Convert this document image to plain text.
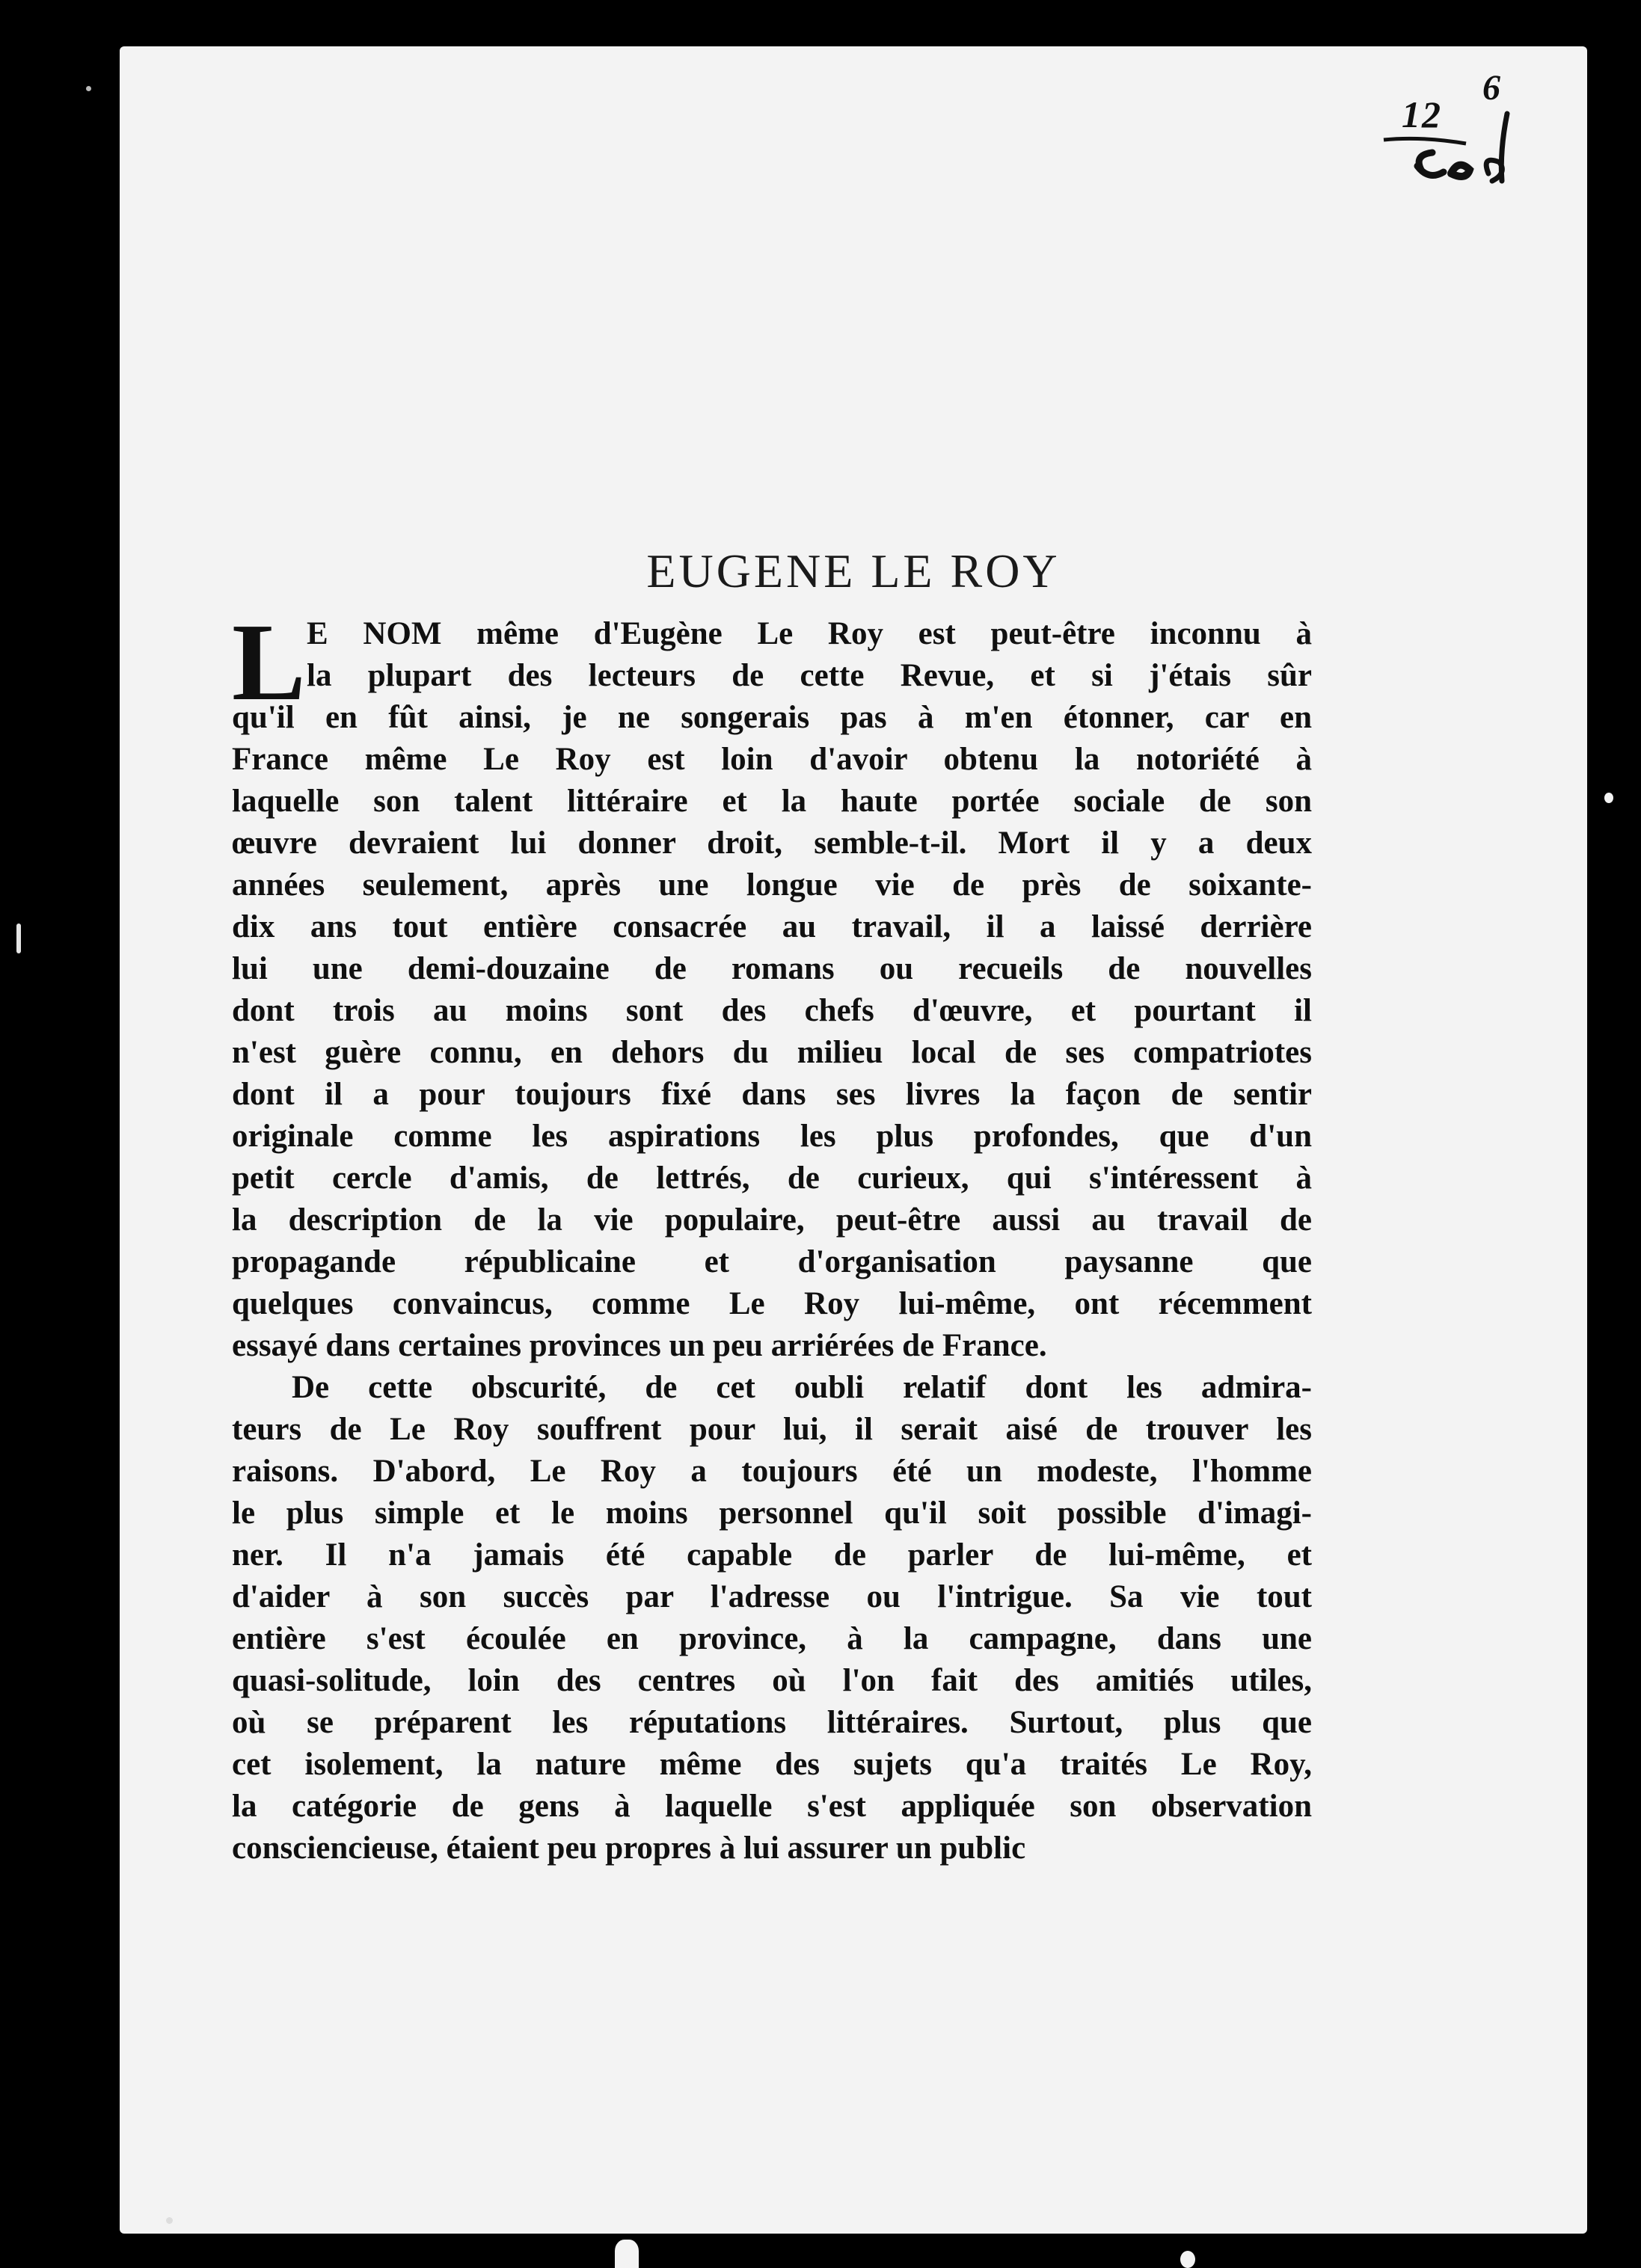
12
6
EUGENE LE ROY
L E NOM même d'Eugène Le Roy est peut-être inconnu à
la plupart des lecteurs de cette Revue, et si j'étais sûr
qu'il en fût ainsi, je ne songerais pas à m'en étonner, car en
France même Le Roy est loin d'avoir obtenu la notoriété à
laquelle son talent littéraire et la haute portée sociale de son
œuvre devraient lui donner droit, semble-t-il. Mort il y a deux
années seulement, après une longue vie de près de soixante-
dix ans tout entière consacrée au travail, il a laissé derrière
lui une demi-douzaine de romans ou recueils de nouvelles
dont trois au moins sont des chefs d'œuvre, et pourtant il
n'est guère connu, en dehors du milieu local de ses compatriotes
dont il a pour toujours fixé dans ses livres la façon de sentir
originale comme les aspirations les plus profondes, que d'un
petit cercle d'amis, de lettrés, de curieux, qui s'intéressent à
la description de la vie populaire, peut-être aussi au travail de
propagande républicaine et d'organisation paysanne que
quelques convaincus, comme Le Roy lui-même, ont récemment
essayé dans certaines provinces un peu arriérées de France.
De cette obscurité, de cet oubli relatif dont les admira-
teurs de Le Roy souffrent pour lui, il serait aisé de trouver les
raisons. D'abord, Le Roy a toujours été un modeste, l'homme
le plus simple et le moins personnel qu'il soit possible d'imagi-
ner. Il n'a jamais été capable de parler de lui-même, et
d'aider à son succès par l'adresse ou l'intrigue. Sa vie tout
entière s'est écoulée en province, à la campagne, dans une
quasi-solitude, loin des centres où l'on fait des amitiés utiles,
où se préparent les réputations littéraires. Surtout, plus que
cet isolement, la nature même des sujets qu'a traités Le Roy,
la catégorie de gens à laquelle s'est appliquée son observation
consciencieuse, étaient peu propres à lui assurer un public
